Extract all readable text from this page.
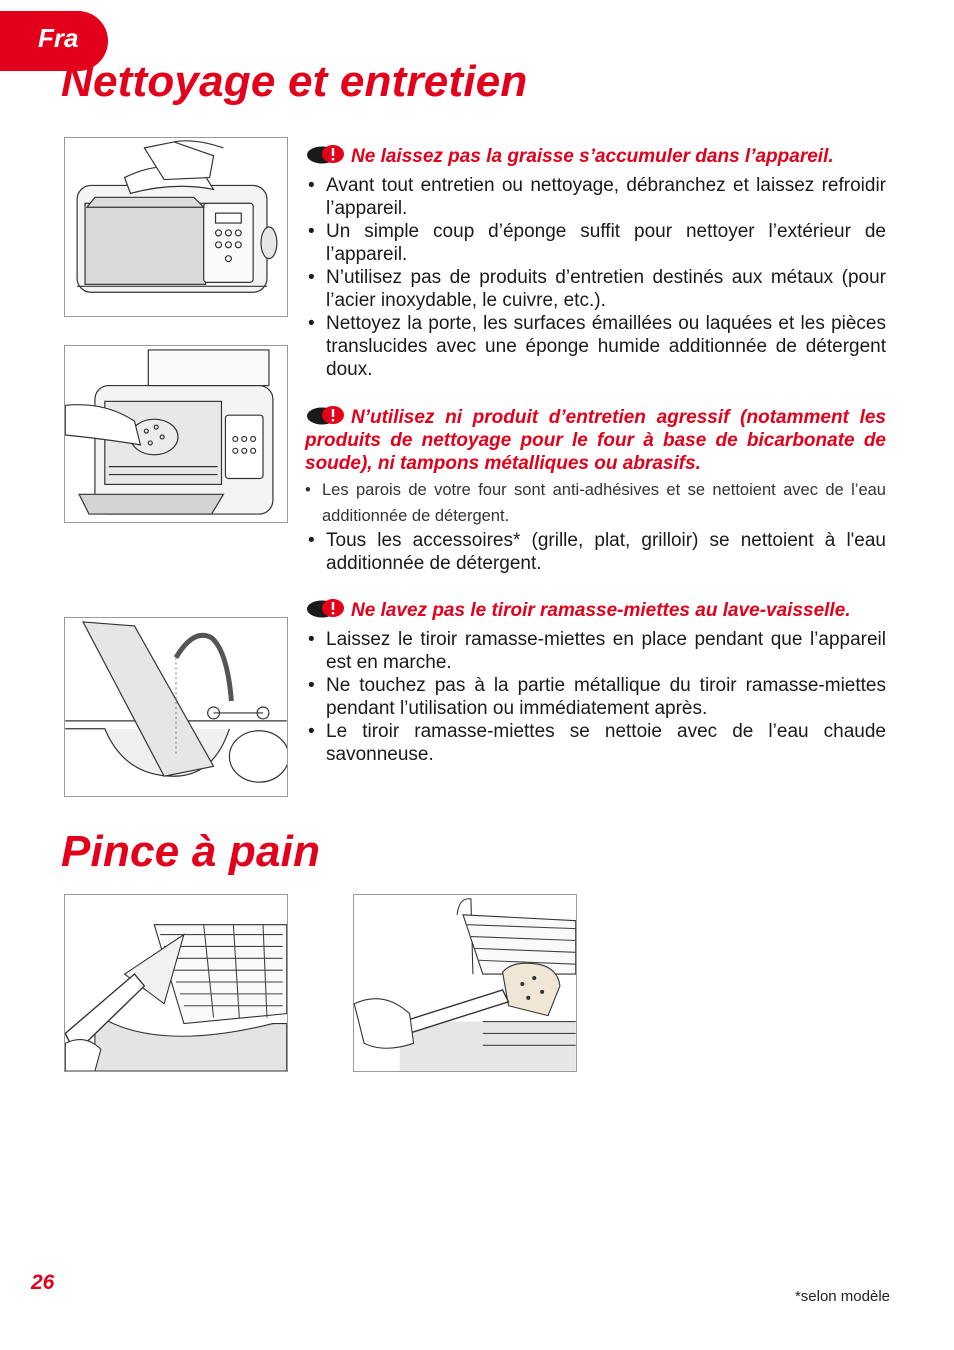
Fra
Nettoyage et entretien
Ne laissez pas la graisse s’accumuler dans l’appareil.
• Avant tout entretien ou nettoyage, débranchez et laissez refroidir l’appareil.
• Un simple coup d’éponge suffit pour nettoyer l’extérieur de l’appareil.
• N’utilisez pas de produits d’entretien destinés aux métaux (pour l’acier inoxydable, le cuivre, etc.).
• Nettoyez la porte, les surfaces émaillées ou laquées et les pièces translucides avec une éponge humide additionnée de détergent doux.
N’utilisez ni produit d’entretien agressif (notamment les produits de nettoyage pour le four à base de bicarbonate de soude), ni tampons métalliques ou abrasifs.
• Les parois de votre four sont anti-adhésives et se nettoient avec de l’eau additionnée de détergent.
• Tous les accessoires* (grille, plat, grilloir) se nettoient à l'eau additionnée de détergent.
Ne lavez pas le tiroir ramasse-miettes au lave-vaisselle.
• Laissez le tiroir ramasse-miettes en place pendant que l’appareil est en marche.
• Ne touchez pas à la partie métallique du tiroir ramasse-miettes pendant l’utilisation ou immédiatement après.
• Le tiroir ramasse-miettes se nettoie avec de l’eau chaude savonneuse.
Pince à pain
26
*selon modèle
